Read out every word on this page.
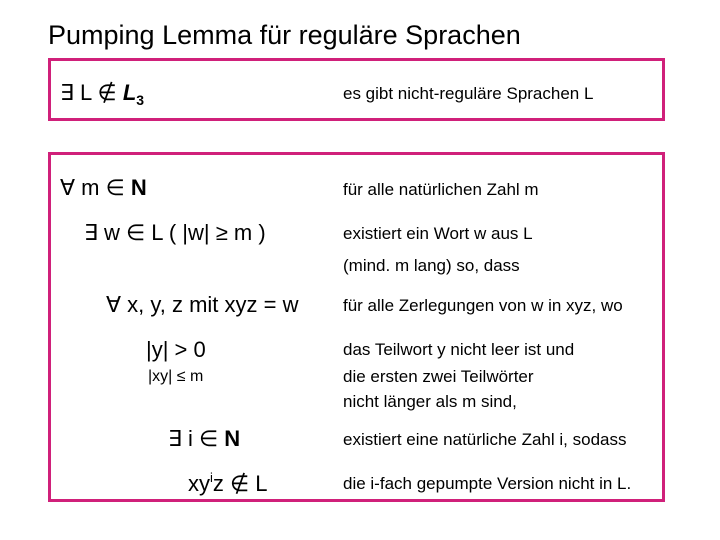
Pumping Lemma für reguläre Sprachen
∃ L ∉ $L_3$	es gibt nicht-reguläre Sprachen L
∀ m ∈ N	für alle natürlichen Zahl m
∃ w ∈ L ( |w| ≥ m )	existiert ein Wort w aus L
(mind. m lang) so, dass
∀ x, y, z mit xyz = w	für alle Zerlegungen von w in xyz, wo
|y| > 0	das Teilwort y nicht leer ist und
|xy| ≤ m	die ersten zwei Teilwörter
nicht länger als m sind,
∃ i ∈ N	existiert eine natürliche Zahl i, sodass
$xy^iz$ ∉ L	die i-fach gepumpte Version nicht in L.
